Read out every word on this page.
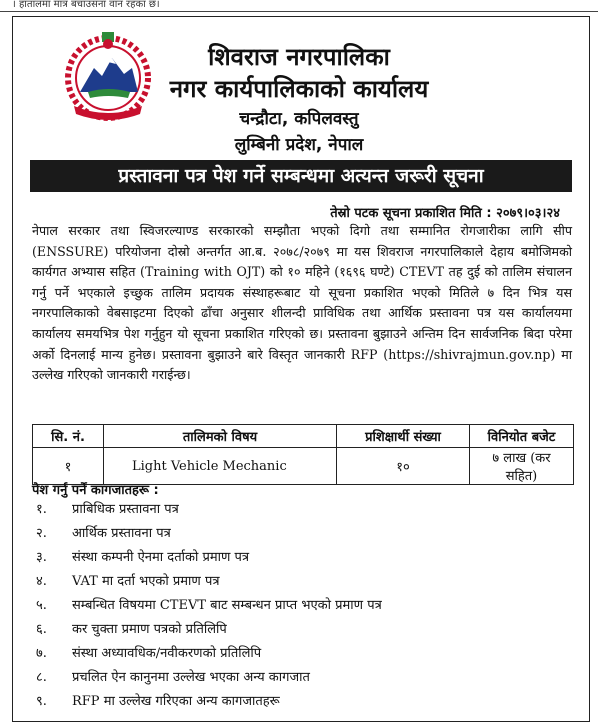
। हातालमा मात्र बचाउसना वान रहका छ।
शिवराज नगरपालिका
नगर कार्यपालिकाको कार्यालय
चन्द्रौटा, कपिलवस्तु
लुम्बिनी प्रदेश, नेपाल
प्रस्तावना पत्र पेश गर्ने सम्बन्धमा अत्यन्त जरूरी सूचना
तेस्रो पटक सूचना प्रकाशित मिति : २०७९।०३।२४
नेपाल सरकार तथा स्विजरल्याण्ड सरकारको सम्झौता भएको दिगो तथा सम्मानित रोगजारीका लागि सीप (ENSSURE) परियोजना दोस्रो अन्तर्गत आ.ब. २०७८/२०७९ मा यस शिवराज नगरपालिकाले देहाय बमोजिमको कार्यगत अभ्यास सहित (Training with OJT) को १० महिने (१६९६ घण्टे) CTEVT तह दुई को तालिम संचालन गर्नु पर्ने भएकाले इच्छुक तालिम प्रदायक संस्थाहरूबाट यो सूचना प्रकाशित भएको मितिले ७ दिन भित्र यस नगरपालिकाको वेबसाइटमा दिएको ढाँचा अनुसार शीलन्दी प्राविधिक तथा आर्थिक प्रस्तावना पत्र यस कार्यालयमा कार्यालय समयभित्र पेश गर्नुहुन यो सूचना प्रकाशित गरिएको छ। प्रस्तावना बुझाउने अन्तिम दिन सार्वजनिक बिदा परेमा अर्को दिनलाई मान्य हुनेछ। प्रस्तावना बुझाउने बारे विस्तृत जानकारी RFP (https://shivrajmun.gov.np) मा उल्लेख गरिएको जानकारी गराईन्छ।
सि. नं.	तालिमको विषय	प्रशिक्षार्थी संख्या	विनियोत बजेट
१	Light Vehicle Mechanic	१०	७ लाख (कर सहित)
पेश गर्नु पर्ने कागजातहरू :
१. प्राबिधिक प्रस्तावना पत्र
२. आर्थिक प्रस्तावना पत्र
३. संस्था कम्पनी ऐनमा दर्ताको प्रमाण पत्र
४. VAT मा दर्ता भएको प्रमाण पत्र
५. सम्बन्धित विषयमा CTEVT बाट सम्बन्धन प्राप्त भएको प्रमाण पत्र
६. कर चुक्ता प्रमाण पत्रको प्रतिलिपि
७. संस्था अध्यावधिक/नवीकरणको प्रतिलिपि
८. प्रचलित ऐन कानुनमा उल्लेख भएका अन्य कागजात
९. RFP मा उल्लेख गरिएका अन्य कागजातहरू
